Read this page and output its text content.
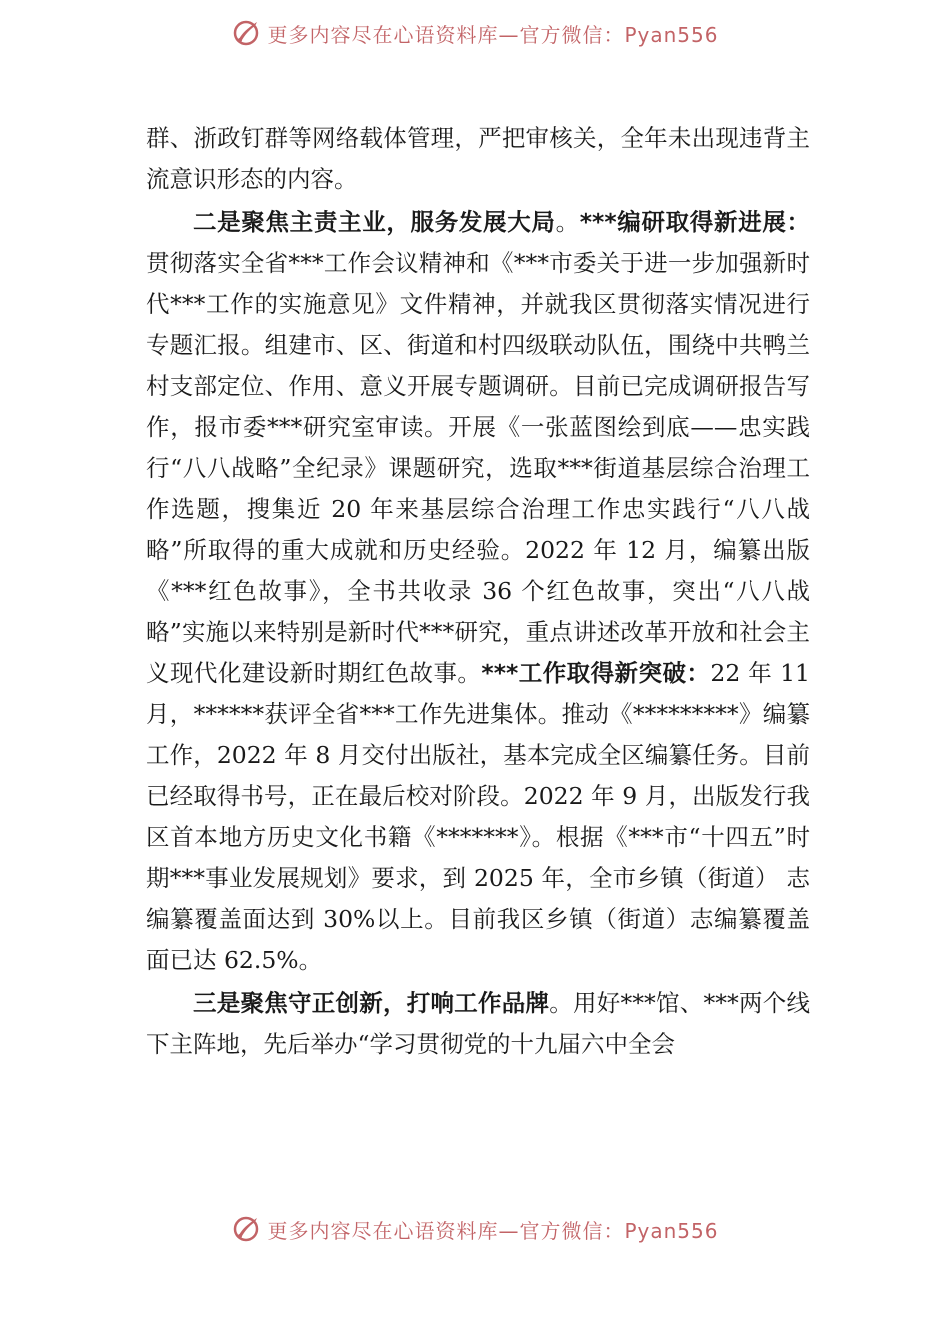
更多内容尽在心语资料库—官方微信：Pyan556

群、浙政钉群等网络载体管理，严把审核关，全年未出现违背主流意识形态的内容。

二是聚焦主责主业，服务发展大局。***编研取得新进展：贯彻落实全省***工作会议精神和《***市委关于进一步加强新时代***工作的实施意见》文件精神，并就我区贯彻落实情况进行专题汇报。组建市、区、街道和村四级联动队伍，围绕中共鸭兰村支部定位、作用、意义开展专题调研。目前已完成调研报告写作，报市委***研究室审读。开展《一张蓝图绘到底——忠实践行“八八战略”全纪录》课题研究，选取***街道基层综合治理工作选题，搜集近 20 年来基层综合治理工作忠实践行“八八战略”所取得的重大成就和历史经验。2022 年 12 月，编纂出版《***红色故事》，全书共收录 36 个红色故事，突出“八八战略”实施以来特别是新时代***研究，重点讲述改革开放和社会主义现代化建设新时期红色故事。***工作取得新突破：22 年 11 月，******获评全省***工作先进集体。推动《*********》编纂工作，2022 年 8 月交付出版社，基本完成全区编纂任务。目前已经取得书号，正在最后校对阶段。2022 年 9 月，出版发行我区首本地方历史文化书籍《*******》。根据《***市“十四五”时期***事业发展规划》要求，到 2025 年，全市乡镇（街道） 志编纂覆盖面达到 30%以上。目前我区乡镇（街道）志编纂覆盖面已达 62.5%。

三是聚焦守正创新，打响工作品牌。用好***馆、***两个线下主阵地，先后举办“学习贯彻党的十九届六中全会

更多内容尽在心语资料库—官方微信：Pyan556
